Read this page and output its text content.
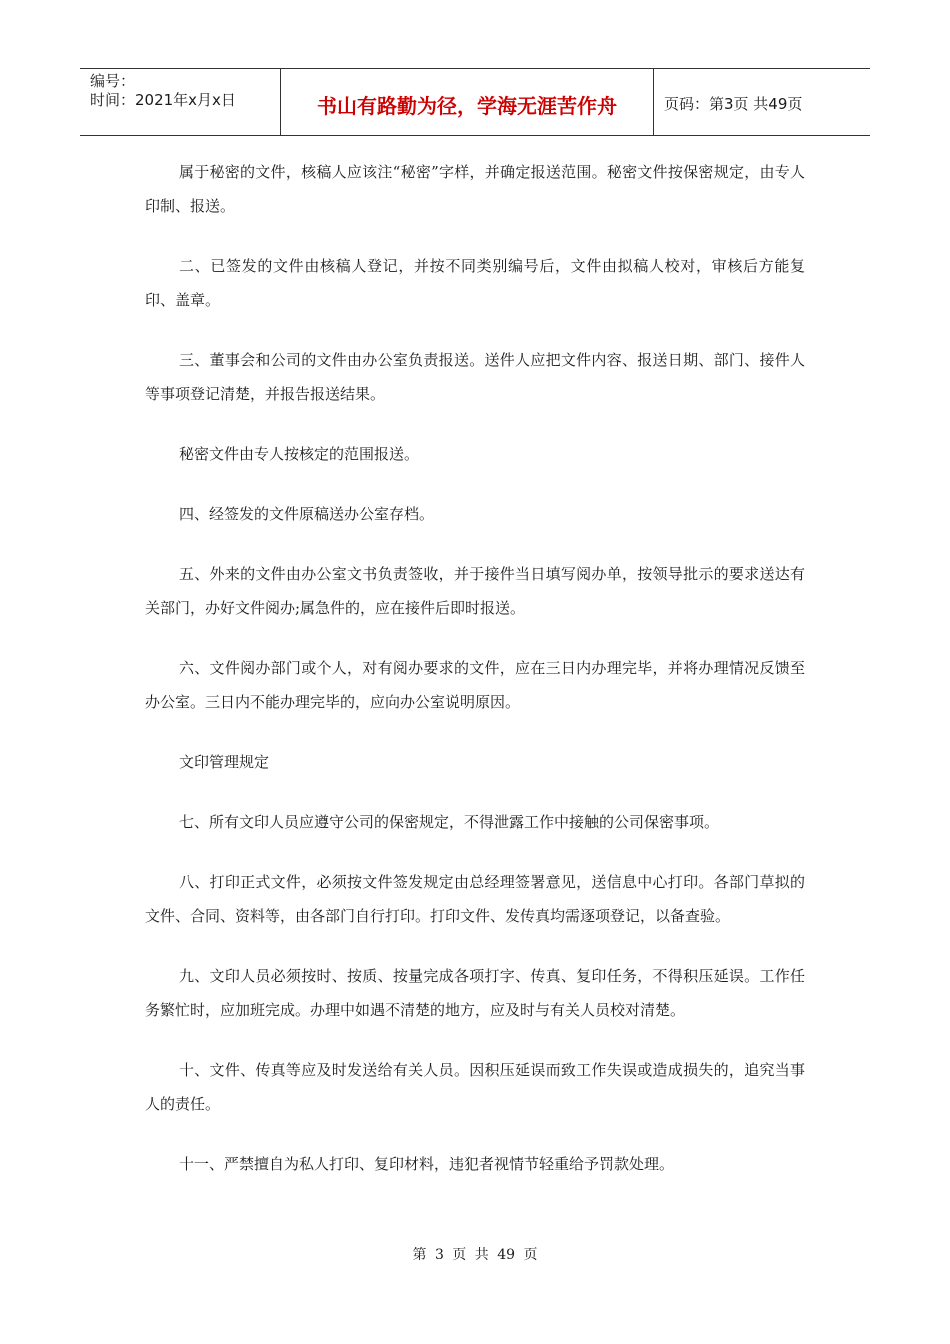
编号：
时间：2021年x月x日	书山有路勤为径，学海无涯苦作舟	页码：第3页 共49页

属于秘密的文件，核稿人应该注“秘密”字样，并确定报送范围。秘密文件按保密规定，由专人印制、报送。

二、已签发的文件由核稿人登记，并按不同类别编号后，文件由拟稿人校对，审核后方能复印、盖章。

三、董事会和公司的文件由办公室负责报送。送件人应把文件内容、报送日期、部门、接件人等事项登记清楚，并报告报送结果。

秘密文件由专人按核定的范围报送。

四、经签发的文件原稿送办公室存档。

五、外来的文件由办公室文书负责签收，并于接件当日填写阅办单，按领导批示的要求送达有关部门，办好文件阅办;属急件的，应在接件后即时报送。

六、文件阅办部门或个人，对有阅办要求的文件，应在三日内办理完毕，并将办理情况反馈至办公室。三日内不能办理完毕的，应向办公室说明原因。

文印管理规定

七、所有文印人员应遵守公司的保密规定，不得泄露工作中接触的公司保密事项。

八、打印正式文件，必须按文件签发规定由总经理签署意见，送信息中心打印。各部门草拟的文件、合同、资料等，由各部门自行打印。打印文件、发传真均需逐项登记，以备查验。

九、文印人员必须按时、按质、按量完成各项打字、传真、复印任务，不得积压延误。工作任务繁忙时，应加班完成。办理中如遇不清楚的地方，应及时与有关人员校对清楚。

十、文件、传真等应及时发送给有关人员。因积压延误而致工作失误或造成损失的，追究当事人的责任。

十一、严禁擅自为私人打印、复印材料，违犯者视情节轻重给予罚款处理。

第 3 页 共 49 页
